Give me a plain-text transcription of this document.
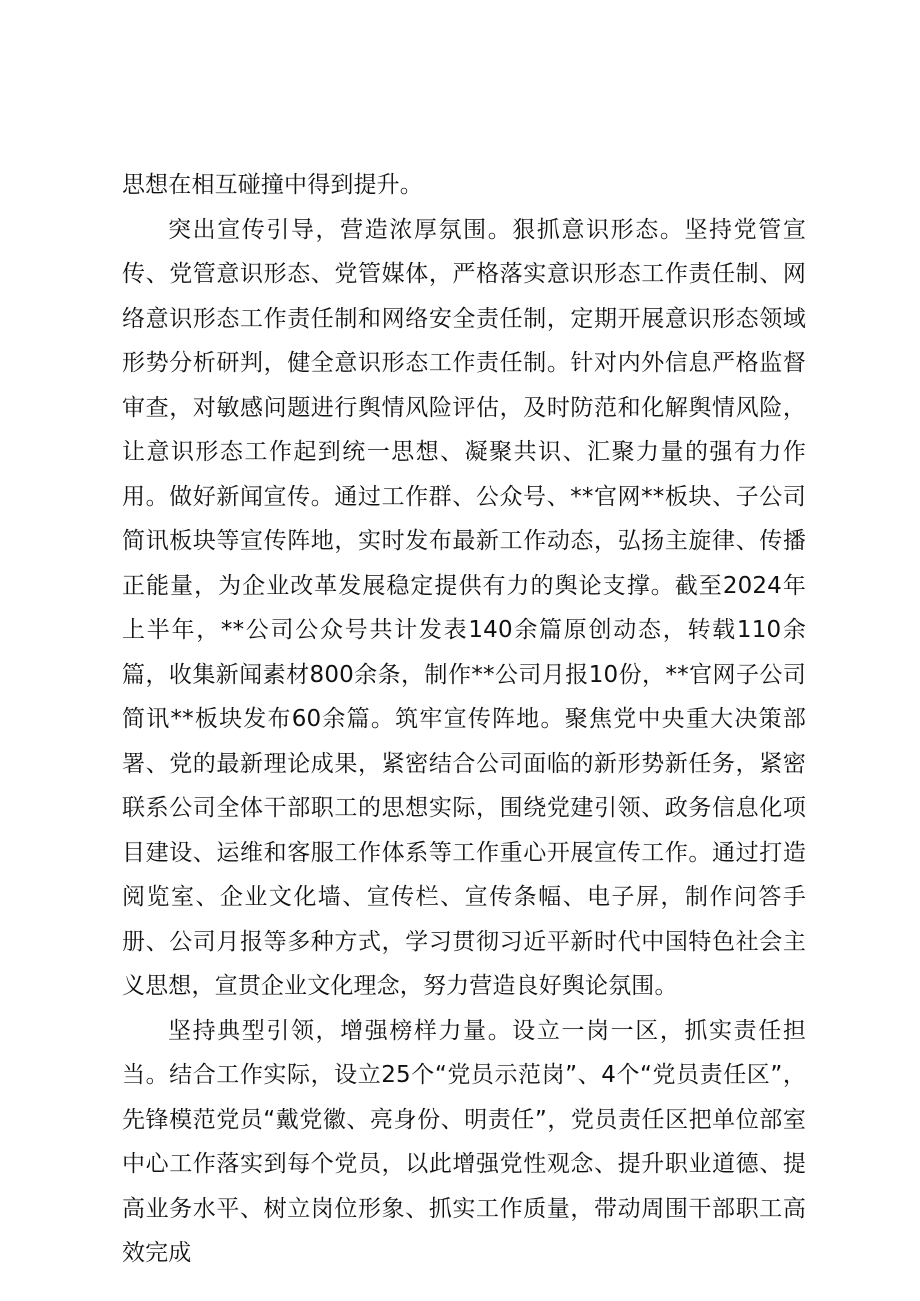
思想在相互碰撞中得到提升。

突出宣传引导，营造浓厚氛围。狠抓意识形态。坚持党管宣传、党管意识形态、党管媒体，严格落实意识形态工作责任制、网络意识形态工作责任制和网络安全责任制，定期开展意识形态领域形势分析研判，健全意识形态工作责任制。针对内外信息严格监督审查，对敏感问题进行舆情风险评估，及时防范和化解舆情风险，让意识形态工作起到统一思想、凝聚共识、汇聚力量的强有力作用。做好新闻宣传。通过工作群、公众号、**官网**板块、子公司简讯板块等宣传阵地，实时发布最新工作动态，弘扬主旋律、传播正能量，为企业改革发展稳定提供有力的舆论支撑。截至2024年上半年，**公司公众号共计发表140余篇原创动态，转载110余篇，收集新闻素材800余条，制作**公司月报10份，**官网子公司简讯**板块发布60余篇。筑牢宣传阵地。聚焦党中央重大决策部署、党的最新理论成果，紧密结合公司面临的新形势新任务，紧密联系公司全体干部职工的思想实际，围绕党建引领、政务信息化项目建设、运维和客服工作体系等工作重心开展宣传工作。通过打造阅览室、企业文化墙、宣传栏、宣传条幅、电子屏，制作问答手册、公司月报等多种方式，学习贯彻习近平新时代中国特色社会主义思想，宣贯企业文化理念，努力营造良好舆论氛围。

坚持典型引领，增强榜样力量。设立一岗一区，抓实责任担当。结合工作实际，设立25个“党员示范岗”、4个“党员责任区”，先锋模范党员“戴党徽、亮身份、明责任”，党员责任区把单位部室中心工作落实到每个党员，以此增强党性观念、提升职业道德、提高业务水平、树立岗位形象、抓实工作质量，带动周围干部职工高效完成
